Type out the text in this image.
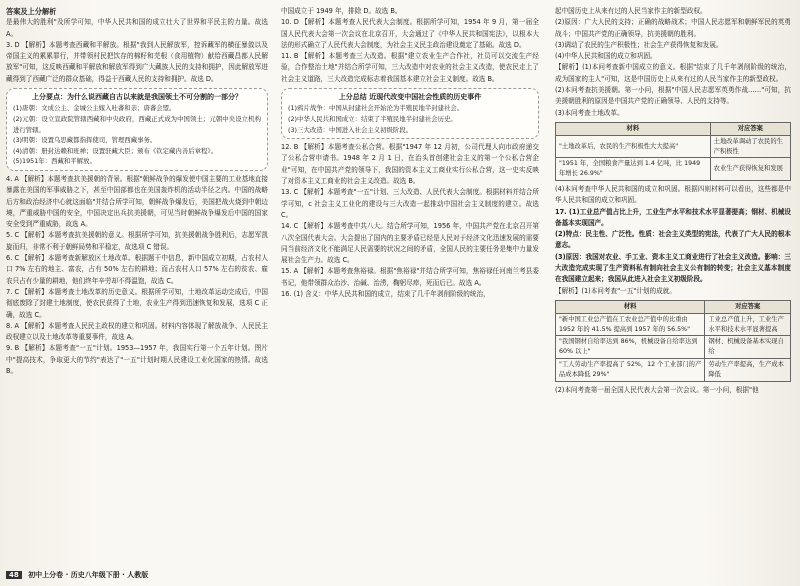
答案及上分解析

是最伟大的胜利"及所学可知，中华人民共和国的成立壮大了世界和平民主的力量。故选 A。

3. D 【解析】本题考查西藏和平解放。根据"我到人民解放军，控诉藏军的横征暴敛以及帝国主义的累累罪行，并带领村民把饮存的棉籽和芫根（食用植物）献给西藏昌都人民解放军"可知，这反映西藏和平解放和解放军得到广大藏族人民的支持和拥护，因此解放军进藏得到了西藏广泛的群众基础，得益于西藏人民的支持和拥护。故选 D。

上分要点：为什么说西藏自古以来就是我国领土不可分割的一部分？

(1)唐朝：文成公主、金城公主嫁入吐蕃和亲；唐蕃会盟。

(2)元朝：设立宣政院管辖西藏和中央政府，西藏正式成为中国领土；元朝中央设立机构进行管辖。

(3)明朝：设置乌思藏都指挥使司，管理西藏事务。

(4)清朝：册封达赖和班禅；设置驻藏大臣；颁布《钦定藏内善后章程》。

(5)1951年：西藏和平解放。

4. A 【解析】本题考查抗美援朝的背景。根据"朝鲜战争的爆发使中国主要的工业基地直接暴露在美国的军事威胁之下，甚至中国部都也在美国轰炸机的活动半径之内。中国的战略后方和政治经济中心就这面临"并结合所学可知，朝鲜战争爆发后，美国把战火烧到中朝边境，严重威胁中国的安全，中国决定出兵抗美援朝，可见当时朝鲜战争爆发后中国的国家安全受到严重威胁，故选 A。

5. C 【解析】本题考查抗美援朝的意义。根据所学可知，抗美援朝战争胜利后，志愿军凯旋而归，非常不利于朝鲜局势和平稳定，故选项 C 错误。

6. C 【解析】本题考查新解放区土地改革。根据题干中信息，新中国成立初期，占农村人口 7% 左右的地主、富农，占有 50% 左右的耕地；而占农村人口 57% 左右的贫农、雇农只占有少量的耕地，他们终年辛劳却不得温饱，故选 C。

7. C 【解析】本题考查土地改革的历史意义。根据所学可知，土地改革运动完成后，中国彻底废除了封建土地制度，使农民获得了土地，农业生产得到迅速恢复和发展，选项 C 正确，故选 C。

8. A 【解析】本题考查人民民主政权的建立和巩固。材料内容体现了解放战争、人民民主政权建立以及土地改革等重要事件，故选 A。

9. B 【解析】本题考查"一五"计划。1953—1957 年，我国实行第一个五年计划。图片中"提高技术，争取更大的节约"表达了"一五"计划时期人民建设工业化国家的热情。故选 B。

中国成立于 1949 年，排除 D。故选 B。

10. D 【解析】本题考查人民代表大会制度。根据所学可知，1954 年 9 月，第一届全国人民代表大会第一次会议在北京召开，大会通过了《中华人民共和国宪法》，以根本大法的形式确立了人民代表大会制度，为社会主义民主政治建设奠定了基础。故选 D。

11. B 【解析】本题考查三大改造。根据"建立农业生产合作社，社员可以交流生产经验，合作整治土地"并结合所学可知，三大改造中对农业的社会主义改造，使农民走上了社会主义道路，三大改造完成标志着我国基本建立社会主义制度。故选 B。

上分总结 近现代改变中国社会性质的历史事件

(1)鸦片战争：中国从封建社会开始沦为半殖民地半封建社会。

(2)中华人民共和国成立：结束了半殖民地半封建社会历史。

(3)三大改造：中国进入社会主义初级阶段。

12. B 【解析】本题考查公私合营。根据"1947 年 12 月初，公司代理人向市政府递交了公私合营申请书。1948 年 2 月 1 日，在治头首创建社会主义的第一个公私合营企业"可知，在中国共产党的领导下，我国的资本主义工商业实行公私合营，这一史实反映了对资本主义工商业的社会主义改造。故选 B。

13. C 【解析】本题考查"一五"计划、三大改造、人民代表大会制度。根据材料并结合所学可知，c 社会主义工业化的建设与三大改造一起推动中国社会主义制度的建立。故选 C。

14. C 【解析】本题考查中共八大。结合所学可知，1956 年，中国共产党在北京召开第八次全国代表大会。大会提出了国内的主要矛盾已经是人民对于经济文化迅速发展的需要同当前经济文化不能满足人民需要的状况之间的矛盾，全国人民的主要任务是集中力量发展社会生产力。故选 C。

15. A 【解析】本题考查焦裕禄。根据"焦裕禄"并结合所学可知，焦裕禄任河南兰考县委书记，他带领群众治沙、治碱、治涝，鞠躬尽瘁，死而后已。故选 A。

16. (1) 含义：中华人民共和国的成立，结束了几千年剥削阶级的统治，

起中国历史上从来有过的人民当家作主的新型政权。

(2)原因：广大人民的支持；正确的战略战术；中国人民志愿军和朝鲜军民的英勇战斗；中国共产党的正确领导，抗美援朝的胜利。

(3)调动了农民的生产积极性；社会生产获得恢复和发展。

(4)中华人民共和国的成立和巩固。

【解析】(1)本问考查新中国成立的意义。根据"结束了几千年剥削阶级的统治，成为国家的主人"可知，这是中国历史上从来有过的人民当家作主的新型政权。

(2)本问考查抗美援朝。第一小问，根据"中国人民志愿军英勇作战……"可知，抗美援朝胜利的原因是中国共产党的正确领导、人民的支持等。

(3)本问考查土地改革。

材料	对应答案
"土地改革后，农民的生产积极性大大提高"	土地改革调动了农民的生产积极性
"1951 年，全国粮食产量达到 1.4 亿吨，比 1949 年增长 26.9%"	农业生产获得恢复和发展

(4)本问考查中华人民共和国的成立和巩固。根据四则材料可以看出，这些都是中华人民共和国的成立和巩固。

17. (1)工业总产值占比上升，工业生产水平和技术水平显著提高；钢材、机械设备基本实现国产。

(2)特点：民主性、广泛性。性质：社会主义类型的宪法，代表了广大人民的根本意志。

(3)原因：我国对农业、手工业、资本主义工商业进行了社会主义改造。影响：三大改造完成实现了生产资料私有制向社会主义公有制的转变；社会主义基本制度在我国建立起来；我国从此进入社会主义初级阶段。

【解析】(1)本问考查"一五"计划的成就。

材料	对应答案
"新中国工业总产值在工农业总产值中的比重由 1952 年的 41.5% 提高到 1957 年的 56.5%"	工业总产值上升，工业生产水平和技术水平显著提高
"我国钢材自给率达到 86%，机械设备自给率达到 60% 以上"	钢材、机械设备基本实现自给
"工人劳动生产率提高了 52%，12 个工业部门的产品成本降低 29%"	劳动生产率提高，生产成本降低

(2)本问考查第一届全国人民代表大会第一次会议。第一小问，根据"他

48 初中上分卷 · 历史八年级下册 · 人教版
